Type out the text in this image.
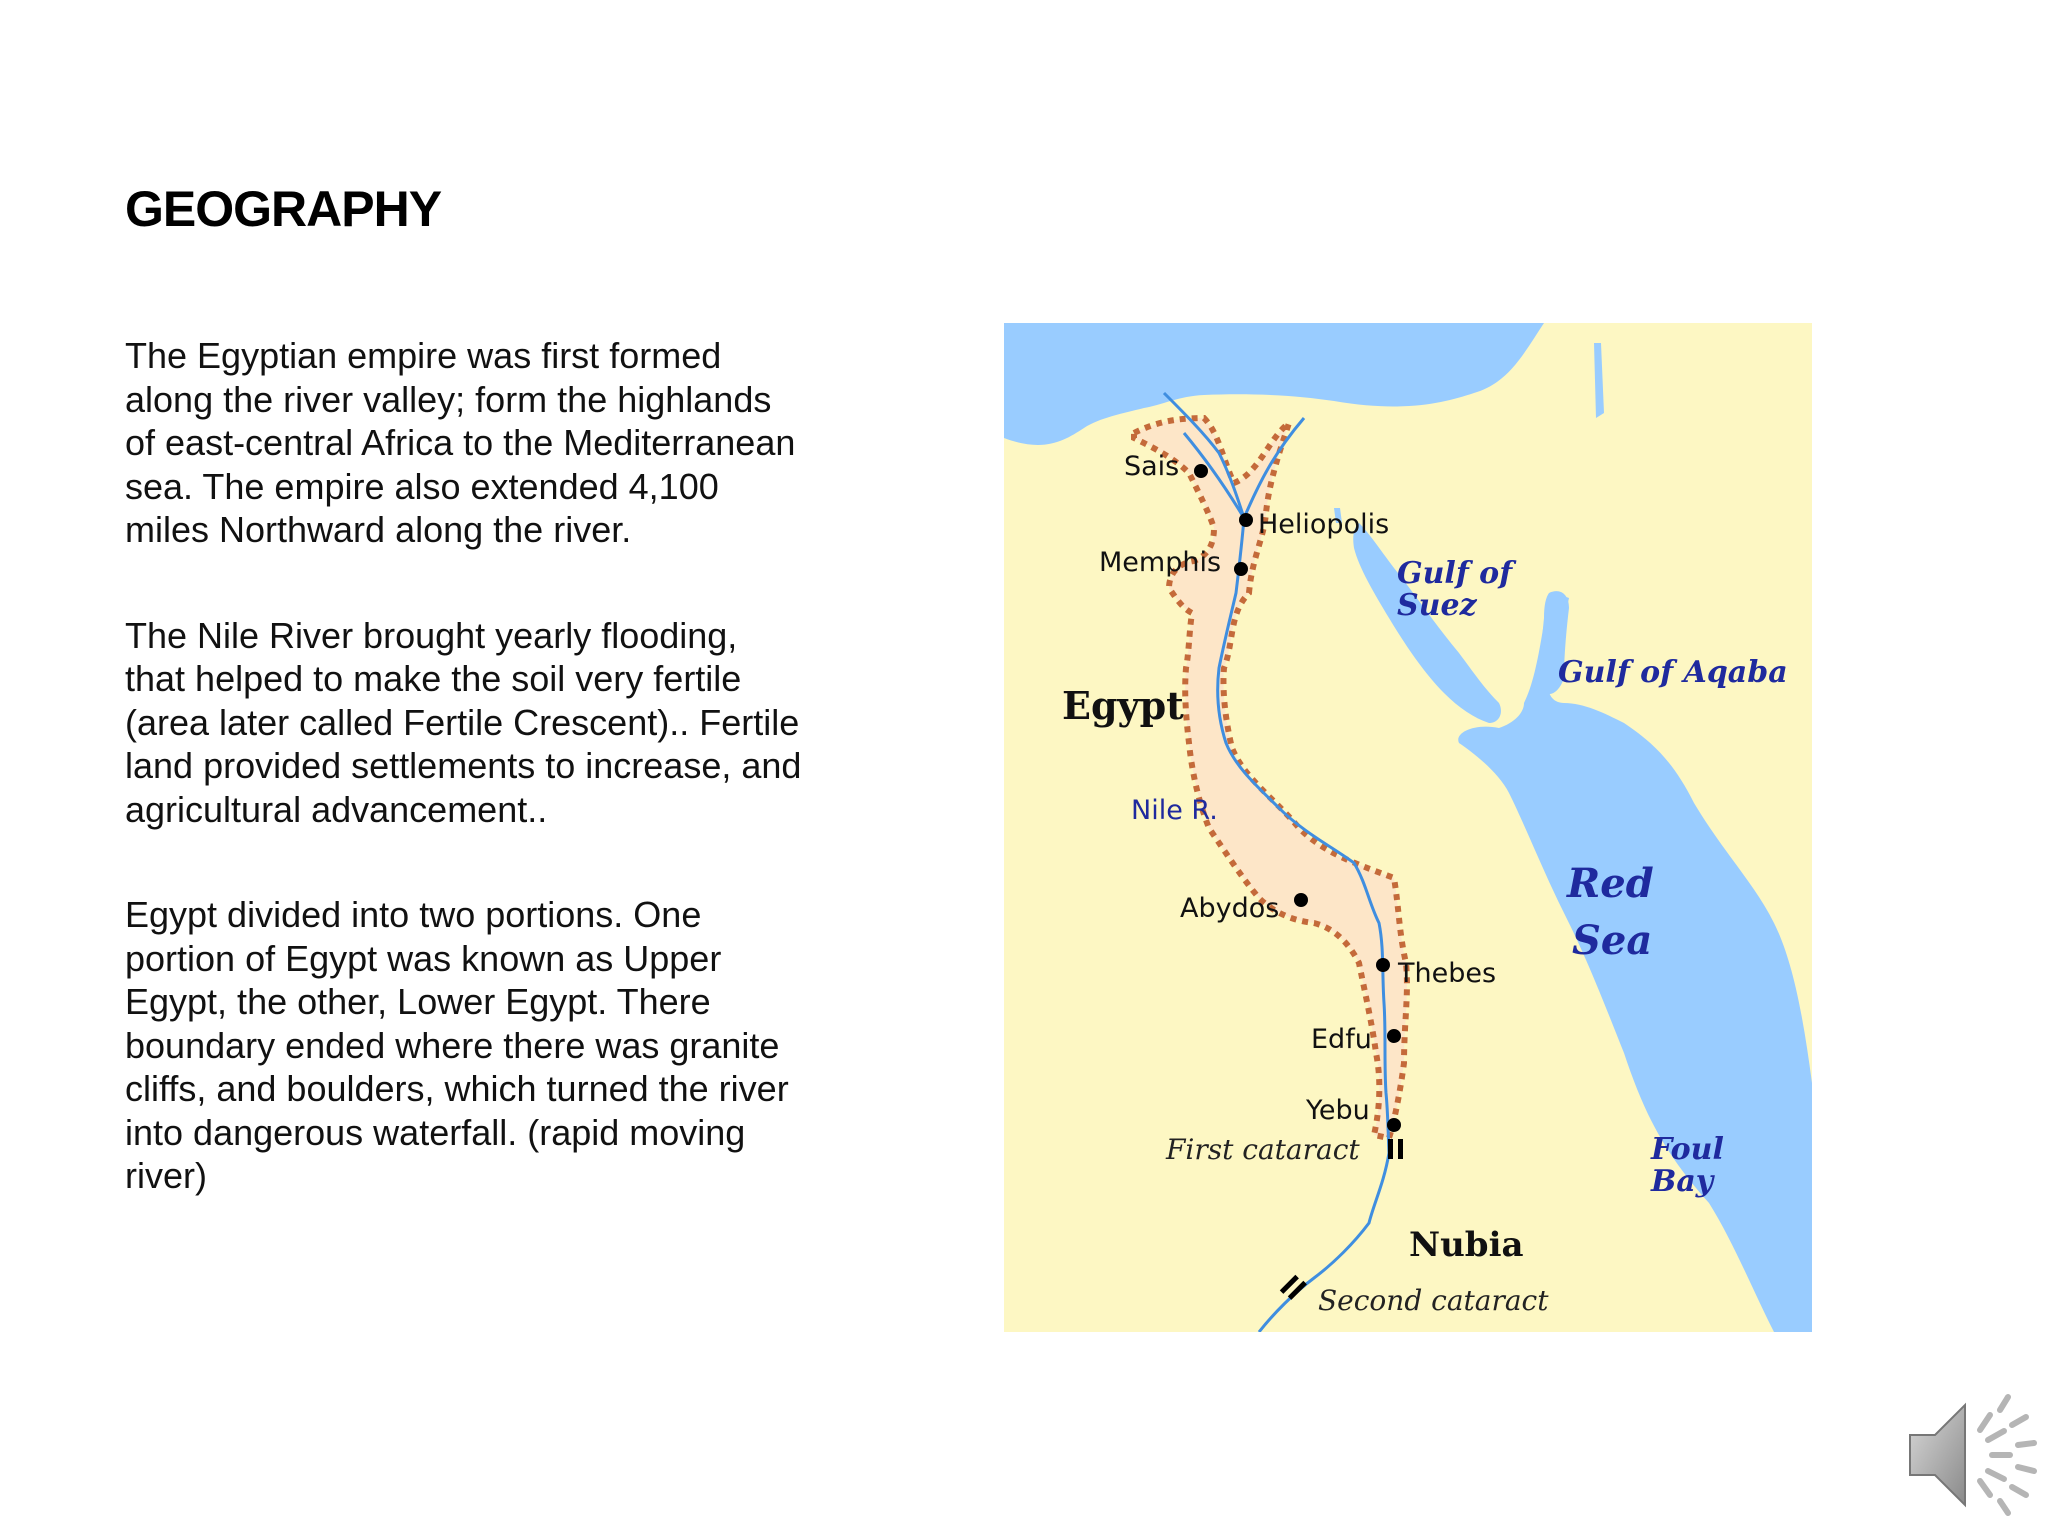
GEOGRAPHY

The Egyptian empire was first formed along the river valley; form the highlands of east-central Africa to the Mediterranean sea. The empire also extended 4,100 miles Northward along the river.

The Nile River brought yearly flooding, that helped to make the soil very fertile (area later called Fertile Crescent).. Fertile land provided settlements to increase, and agricultural advancement..

Egypt divided into two portions. One portion of Egypt was known as Upper Egypt, the other, Lower Egypt. There boundary ended where there was granite cliffs, and boulders, which turned the river into dangerous waterfall. (rapid moving river)

Sais
Heliopolis
Memphis
Abydos
Thebes
Edfu
Yebu
Egypt
Nubia
Nile R.
Gulf of
Suez
Gulf of Aqaba
Red
Sea
Foul
Bay
First cataract
Second cataract
